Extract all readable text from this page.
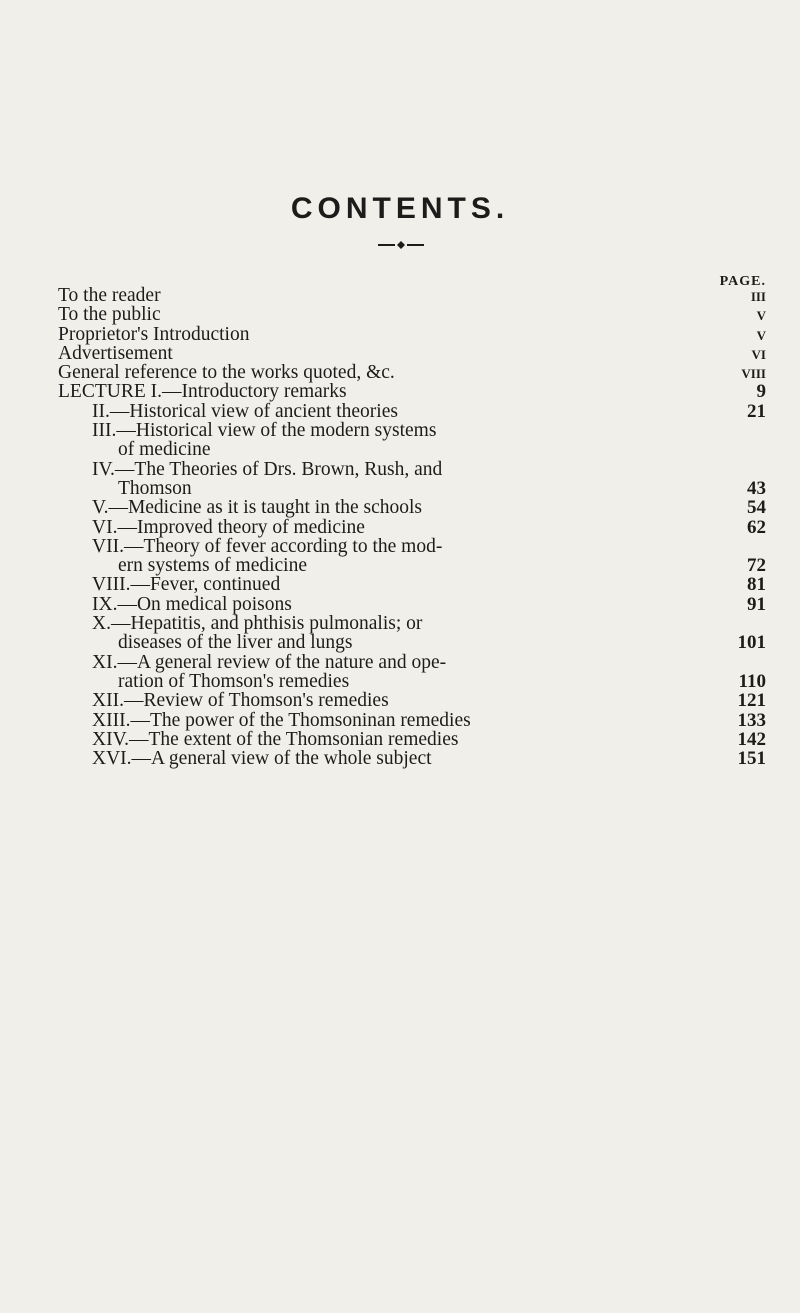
CONTENTS.
PAGE.
To the reader	iii
To the public	v
Proprietor's Introduction	v
Advertisement	vi
General reference to the works quoted, &c.	viii
LECTURE I.—Introductory remarks	9
II.—Historical view of ancient theories	21
III.—Historical view of the modern systems
of medicine
IV.—The Theories of Drs. Brown, Rush, and
Thomson	43
V.—Medicine as it is taught in the schools	54
VI.—Improved theory of medicine	62
VII.—Theory of fever according to the mod-
ern systems of medicine	72
VIII.—Fever, continued	81
IX.—On medical poisons	91
X.—Hepatitis, and phthisis pulmonalis; or
diseases of the liver and lungs	101
XI.—A general review of the nature and ope-
ration of Thomson's remedies	110
XII.—Review of Thomson's remedies	121
XIII.—The power of the Thomsoninan remedies	133
XIV.—The extent of the Thomsonian remedies	142
XVI.—A general view of the whole subject	151
